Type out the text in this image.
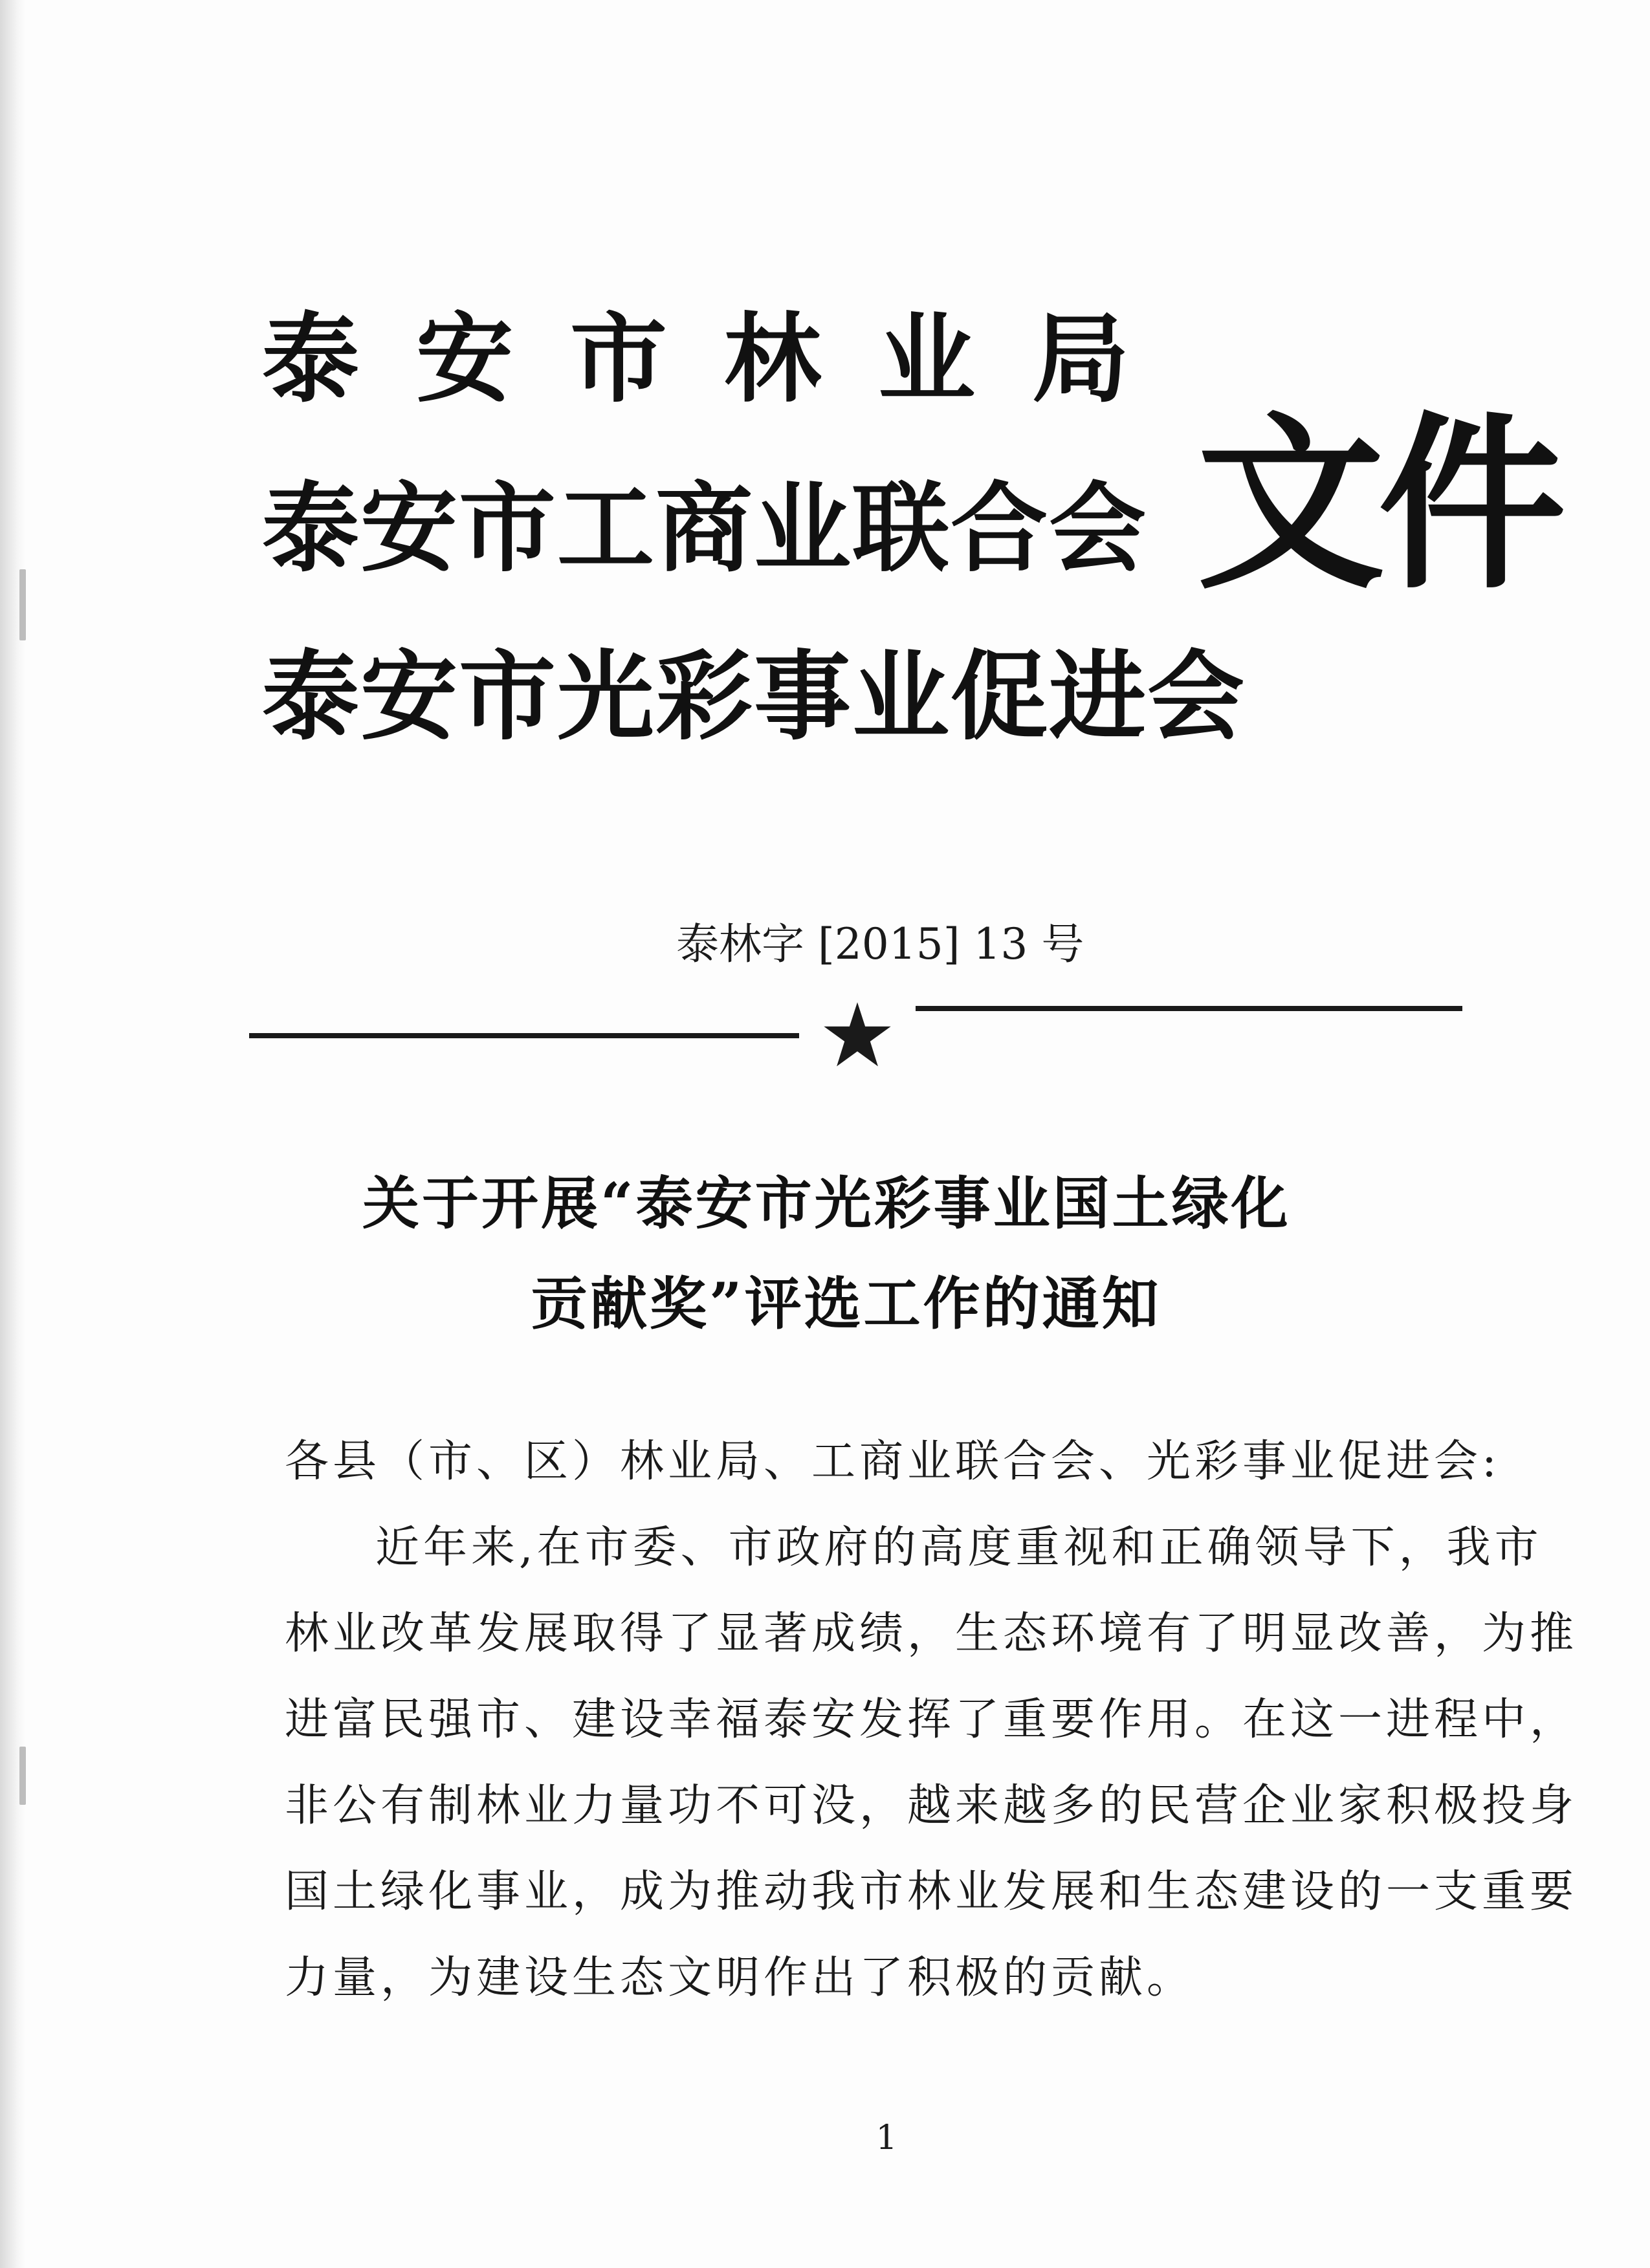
泰安市林业局
泰安市工商业联合会
泰安市光彩事业促进会
文件
泰林字 [2015] 13 号
关于开展“泰安市光彩事业国土绿化
贡献奖”评选工作的通知
各县（市、区）林业局、工商业联合会、光彩事业促进会:
近年来,在市委、市政府的高度重视和正确领导下，我市
林业改革发展取得了显著成绩，生态环境有了明显改善，为推
进富民强市、建设幸福泰安发挥了重要作用。在这一进程中，
非公有制林业力量功不可没，越来越多的民营企业家积极投身
国土绿化事业，成为推动我市林业发展和生态建设的一支重要
力量，为建设生态文明作出了积极的贡献。
1
